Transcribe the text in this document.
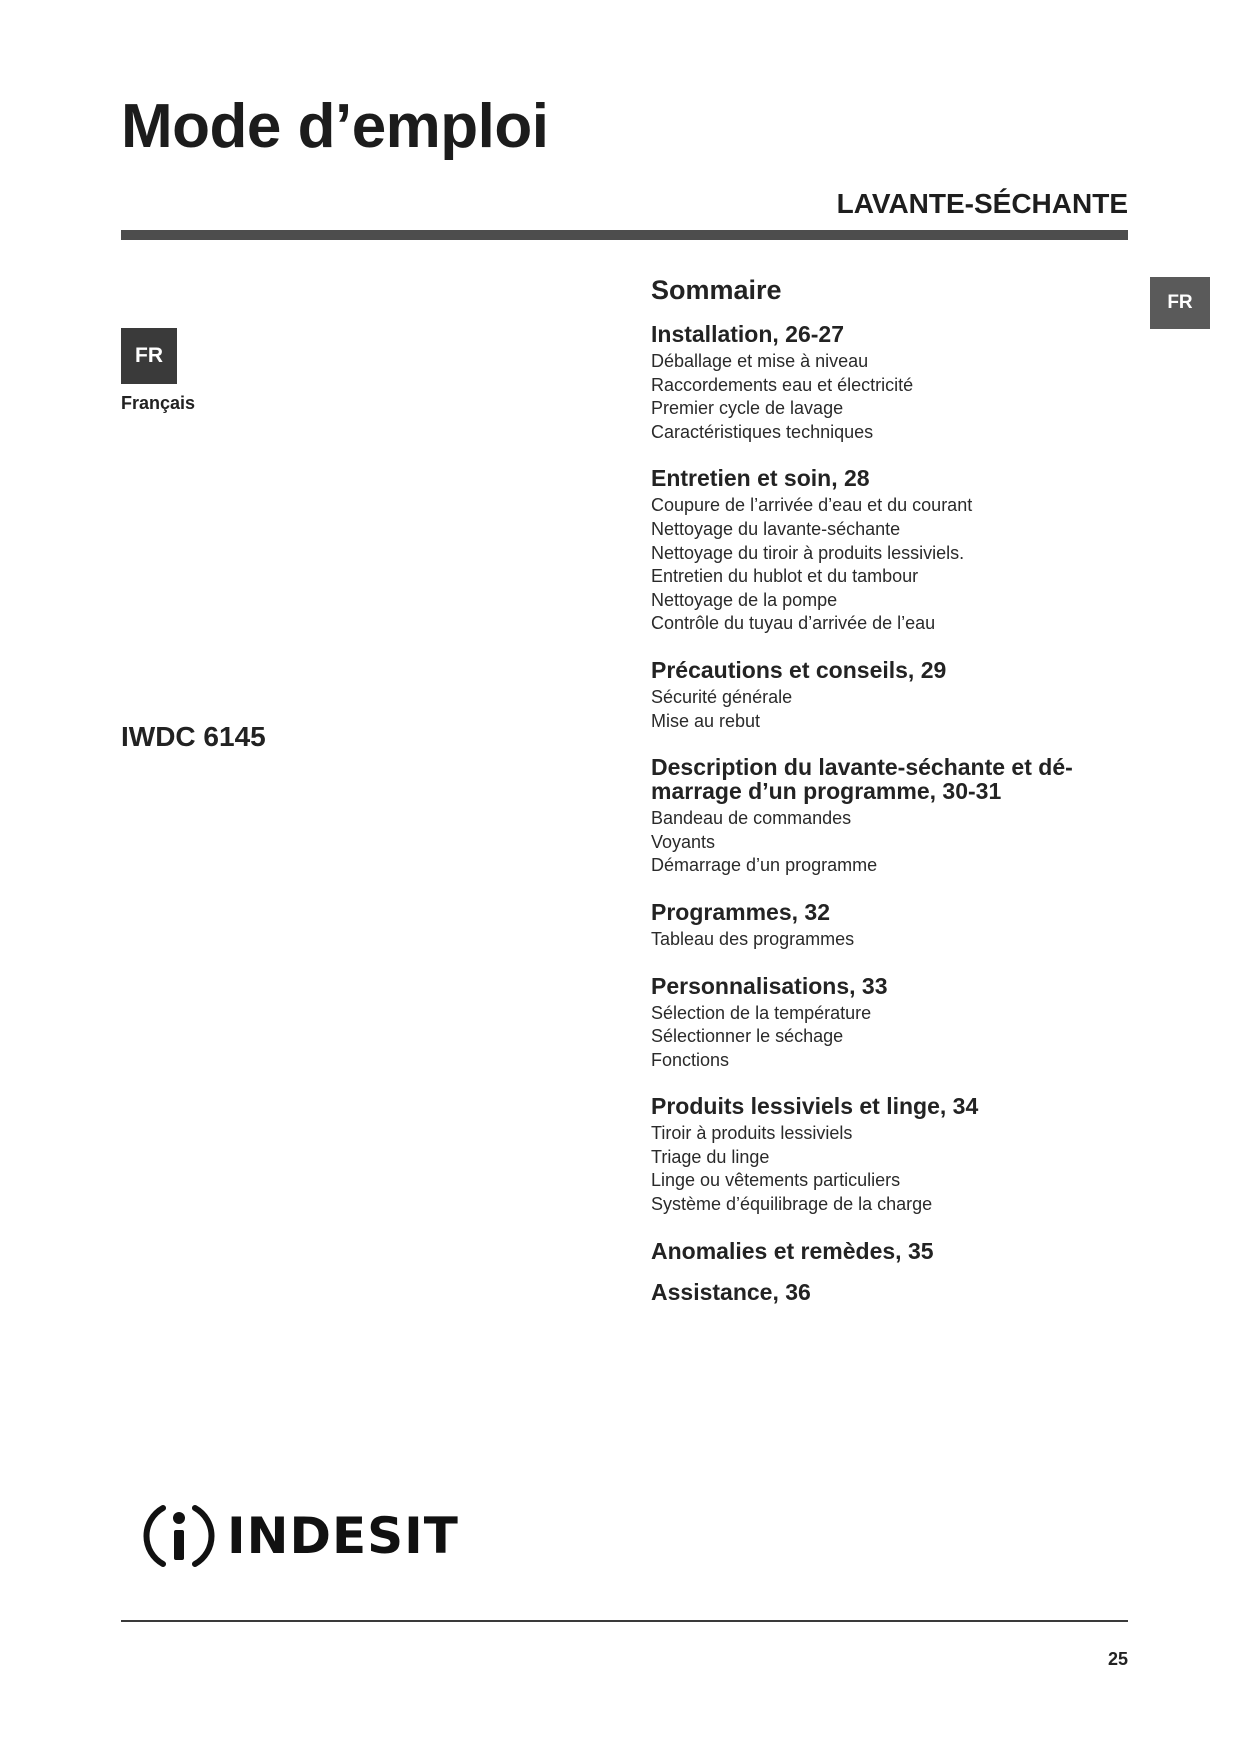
Mode d’emploi
LAVANTE-SÉCHANTE
FR
Français
FR
IWDC 6145
Sommaire
Installation, 26-27
Déballage et mise à niveau
Raccordements eau et électricité
Premier cycle de lavage
Caractéristiques techniques
Entretien et soin, 28
Coupure de l’arrivée d’eau et du courant
Nettoyage du lavante-séchante
Nettoyage du tiroir à produits lessiviels.
Entretien du hublot et du tambour
Nettoyage de la pompe
Contrôle du tuyau d’arrivée de l’eau
Précautions et conseils, 29
Sécurité générale
Mise au rebut
Description du lavante-séchante et dé-
marrage d’un programme, 30-31
Bandeau de commandes
Voyants
Démarrage d’un programme
Programmes, 32
Tableau des programmes
Personnalisations, 33
Sélection de la température
Sélectionner le séchage
Fonctions
Produits lessiviels et linge, 34
Tiroir à produits lessiviels
Triage du linge
Linge ou vêtements particuliers
Système d’équilibrage de la charge
Anomalies et remèdes, 35
Assistance, 36
INDESIT
25
